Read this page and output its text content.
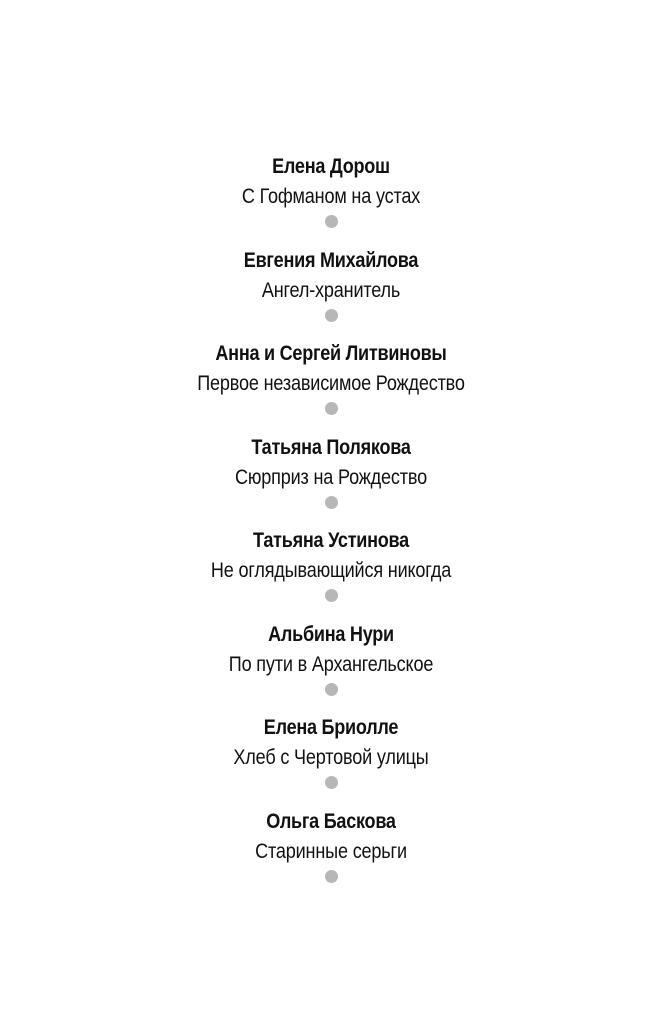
Елена Дорош
С Гофманом на устах
Евгения Михайлова
Ангел-хранитель
Анна и Сергей Литвиновы
Первое независимое Рождество
Татьяна Полякова
Сюрприз на Рождество
Татьяна Устинова
Не оглядывающийся никогда
Альбина Нури
По пути в Архангельское
Елена Бриолле
Хлеб с Чертовой улицы
Ольга Баскова
Старинные серьги
